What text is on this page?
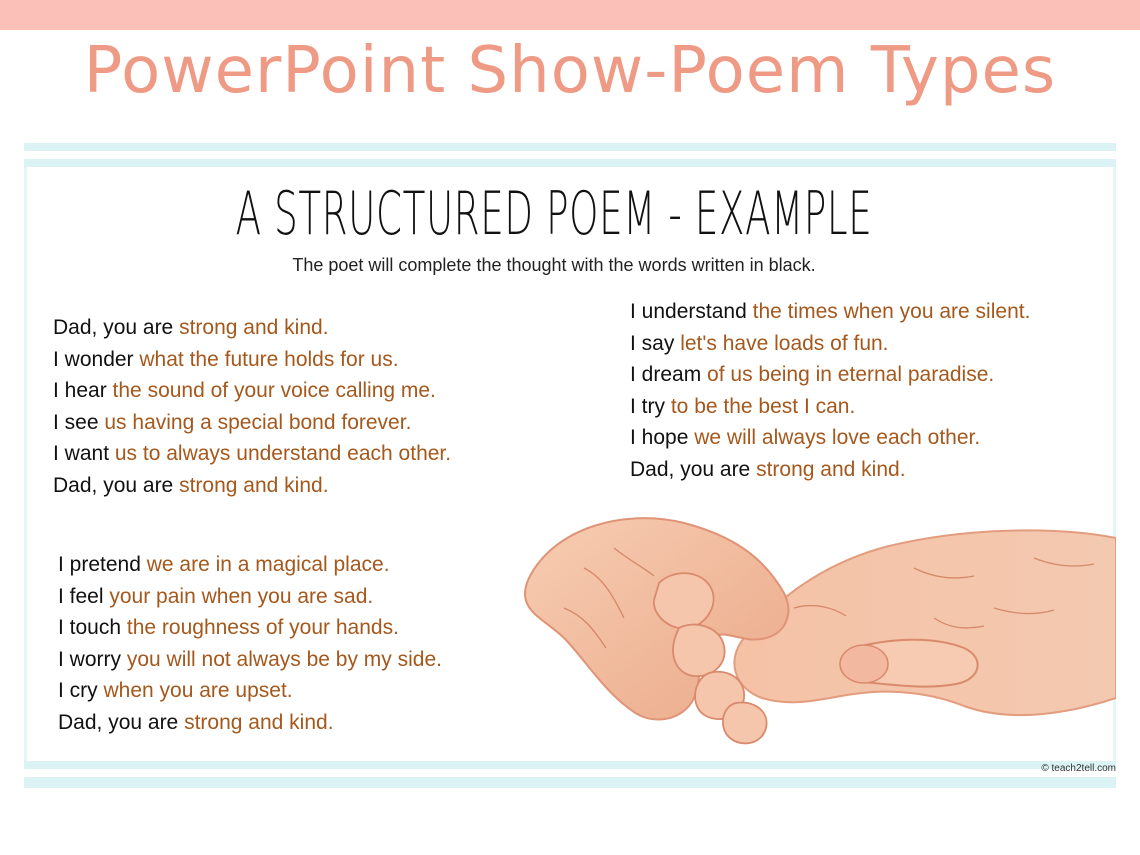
PowerPoint Show-Poem Types
A STRUCTURED POEM - EXAMPLE
The poet will complete the thought with the words written in black.
Dad, you are strong and kind.
I wonder what the future holds for us.
I hear the sound of your voice calling me.
I see us having a special bond forever.
I want us to always understand each other.
Dad, you are strong and kind.
I understand the times when you are silent.
I say let's have loads of fun.
I dream of us being in eternal paradise.
I try to be the best I can.
I hope we will always love each other.
Dad, you are strong and kind.
I pretend we are in a magical place.
I feel your pain when you are sad.
I touch the roughness of your hands.
I worry you will not always be by my side.
I cry when you are upset.
Dad, you are strong and kind.
© teach2tell.com
